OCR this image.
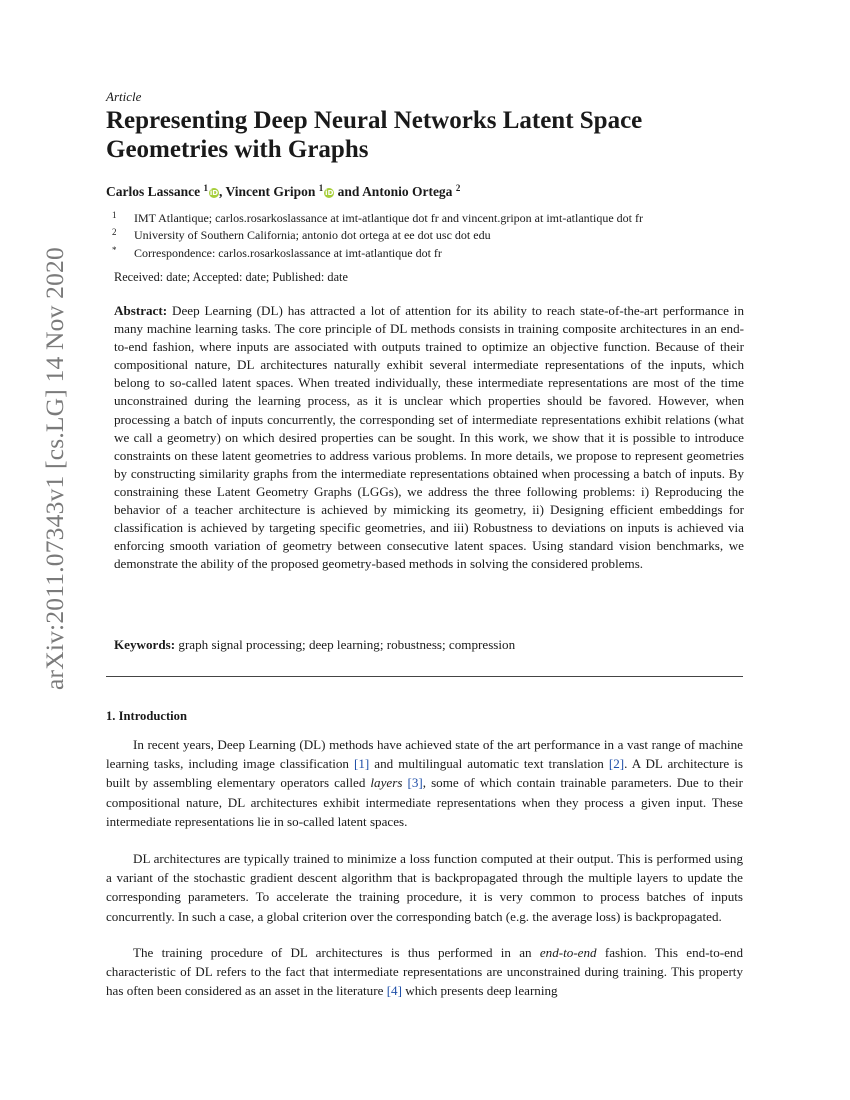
arXiv:2011.07343v1 [cs.LG] 14 Nov 2020
Article
Representing Deep Neural Networks Latent Space Geometries with Graphs
Carlos Lassance $^1$ iD, Vincent Gripon $^1$ iD and Antonio Ortega $^2$
1 IMT Atlantique; carlos.rosarkoslassance at imt-atlantique dot fr and vincent.gripon at imt-atlantique dot fr
2 University of Southern California; antonio dot ortega at ee dot usc dot edu
* Correspondence: carlos.rosarkoslassance at imt-atlantique dot fr
Received: date; Accepted: date; Published: date

Abstract: Deep Learning (DL) has attracted a lot of attention for its ability to reach state-of-the-art performance in many machine learning tasks. The core principle of DL methods consists in training composite architectures in an end-to-end fashion, where inputs are associated with outputs trained to optimize an objective function. Because of their compositional nature, DL architectures naturally exhibit several intermediate representations of the inputs, which belong to so-called latent spaces. When treated individually, these intermediate representations are most of the time unconstrained during the learning process, as it is unclear which properties should be favored. However, when processing a batch of inputs concurrently, the corresponding set of intermediate representations exhibit relations (what we call a geometry) on which desired properties can be sought. In this work, we show that it is possible to introduce constraints on these latent geometries to address various problems. In more details, we propose to represent geometries by constructing similarity graphs from the intermediate representations obtained when processing a batch of inputs. By constraining these Latent Geometry Graphs (LGGs), we address the three following problems: i) Reproducing the behavior of a teacher architecture is achieved by mimicking its geometry, ii) Designing efficient embeddings for classification is achieved by targeting specific geometries, and iii) Robustness to deviations on inputs is achieved via enforcing smooth variation of geometry between consecutive latent spaces. Using standard vision benchmarks, we demonstrate the ability of the proposed geometry-based methods in solving the considered problems.

Keywords: graph signal processing; deep learning; robustness; compression
1. Introduction

In recent years, Deep Learning (DL) methods have achieved state of the art performance in a vast range of machine learning tasks, including image classification [1] and multilingual automatic text translation [2]. A DL architecture is built by assembling elementary operators called layers [3], some of which contain trainable parameters. Due to their compositional nature, DL architectures exhibit intermediate representations when they process a given input. These intermediate representations lie in so-called latent spaces.

DL architectures are typically trained to minimize a loss function computed at their output. This is performed using a variant of the stochastic gradient descent algorithm that is backpropagated through the multiple layers to update the corresponding parameters. To accelerate the training procedure, it is very common to process batches of inputs concurrently. In such a case, a global criterion over the corresponding batch (e.g. the average loss) is backpropagated.

The training procedure of DL architectures is thus performed in an end-to-end fashion. This end-to-end characteristic of DL refers to the fact that intermediate representations are unconstrained during training. This property has often been considered as an asset in the literature [4] which presents deep learning
